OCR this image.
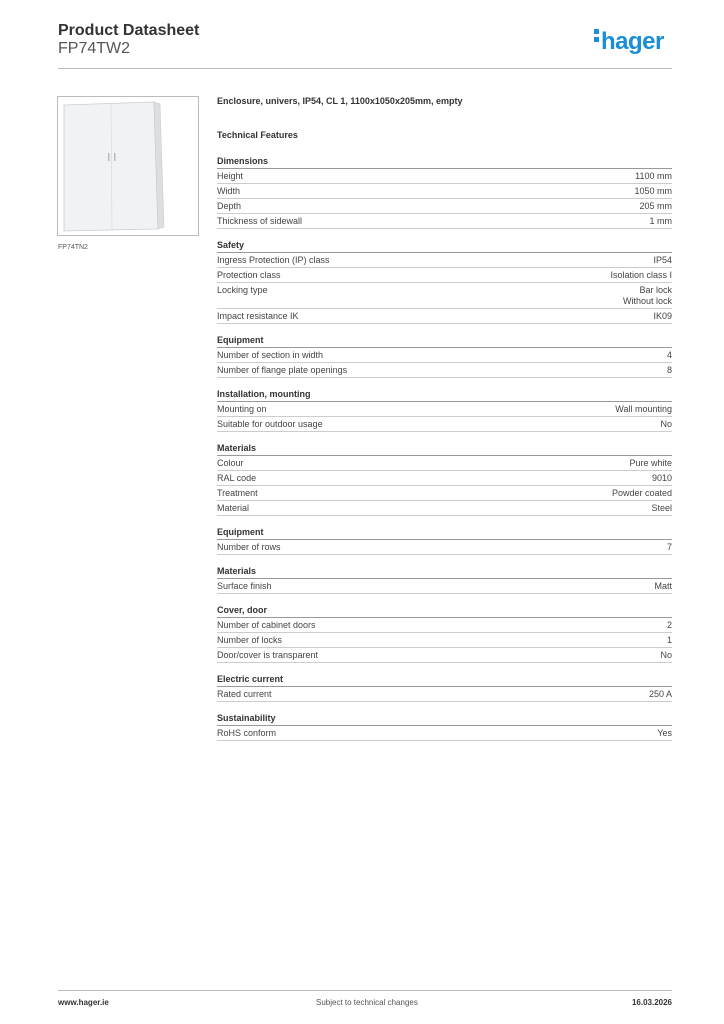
Product Datasheet
FP74TW2	hager
FP74TN2
Enclosure, univers, IP54, CL 1, 1100x1050x205mm, empty
Technical Features
Dimensions
Height	1100 mm
Width	1050 mm
Depth	205 mm
Thickness of sidewall	1 mm
Safety
Ingress Protection (IP) class	IP54
Protection class	Isolation class I
Locking type	Bar lock
Without lock
Impact resistance IK	IK09
Equipment
Number of section in width	4
Number of flange plate openings	8
Installation, mounting
Mounting on	Wall mounting
Suitable for outdoor usage	No
Materials
Colour	Pure white
RAL code	9010
Treatment	Powder coated
Material	Steel
Equipment
Number of rows	7
Materials
Surface finish	Matt
Cover, door
Number of cabinet doors	2
Number of locks	1
Door/cover is transparent	No
Electric current
Rated current	250 A
Sustainability
RoHS conform	Yes
www.hager.ie	Subject to technical changes	16.03.2026
